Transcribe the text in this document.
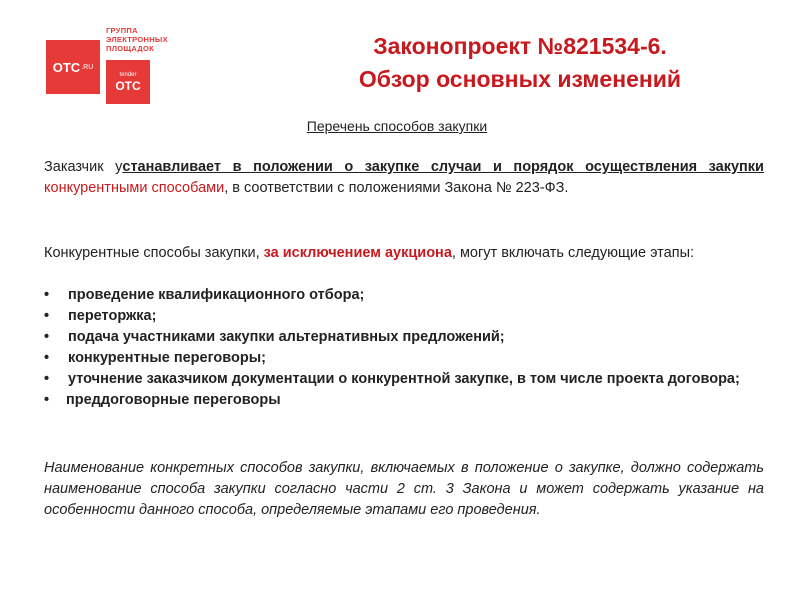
ОТС .RU
ГРУППА
ЭЛЕКТРОННЫХ
ПЛОЩАДОК
tender
ОТС
Законопроект №821534-6.
Обзор основных изменений
Перечень способов закупки
Заказчик устанавливает в положении о закупке случаи и порядок осуществления закупки конкурентными способами, в соответствии с положениями Закона № 223-ФЗ.
Конкурентные способы закупки, за исключением аукциона, могут включать следующие этапы:
• проведение квалификационного отбора;
• переторжка;
• подача участниками закупки альтернативных предложений;
• конкурентные переговоры;
• уточнение заказчиком документации о конкурентной закупке, в том числе проекта договора;
• преддоговорные переговоры
Наименование конкретных способов закупки, включаемых в положение о закупке, должно содержать наименование способа закупки согласно части 2 ст. 3 Закона и может содержать указание на особенности данного способа, определяемые этапами его проведения.
